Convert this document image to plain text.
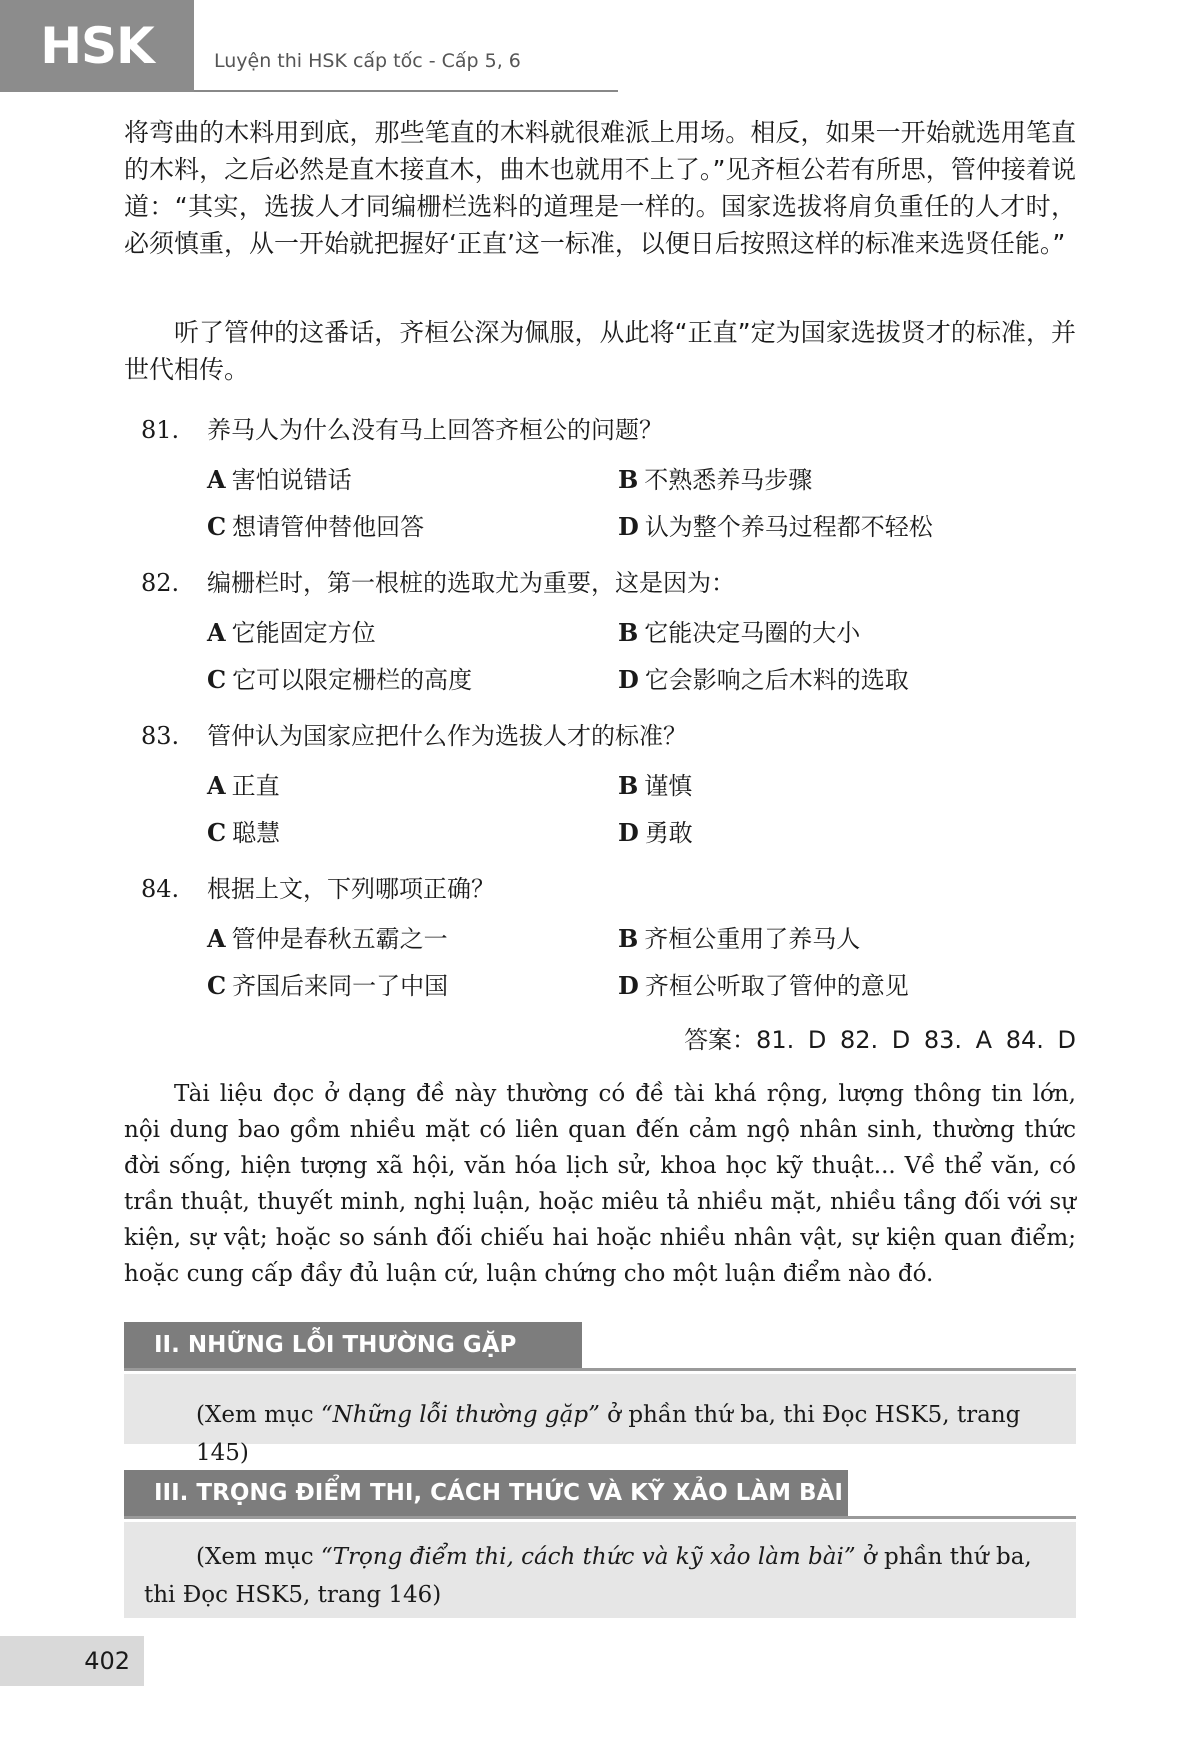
HSK	Luyện thi HSK cấp tốc - Cấp 5, 6

将弯曲的木料用到底，那些笔直的木料就很难派上用场。相反，如果一开始就选用笔直的木料，之后必然是直木接直木，曲木也就用不上了。”见齐桓公若有所思，管仲接着说道：“其实，选拔人才同编栅栏选料的道理是一样的。国家选拔将肩负重任的人才时，必须慎重，从一开始就把握好‘正直’这一标准，以便日后按照这样的标准来选贤任能。”

听了管仲的这番话，齐桓公深为佩服，从此将“正直”定为国家选拔贤才的标准，并世代相传。

81. 养马人为什么没有马上回答齐桓公的问题？
A 害怕说错话	B 不熟悉养马步骤
C 想请管仲替他回答	D 认为整个养马过程都不轻松
82. 编栅栏时，第一根桩的选取尤为重要，这是因为：
A 它能固定方位	B 它能决定马圈的大小
C 它可以限定栅栏的高度	D 它会影响之后木料的选取
83. 管仲认为国家应把什么作为选拔人才的标准？
A 正直	B 谨慎
C 聪慧	D 勇敢
84. 根据上文，下列哪项正确？
A 管仲是春秋五霸之一	B 齐桓公重用了养马人
C 齐国后来同一了中国	D 齐桓公听取了管仲的意见
答案：81. D 82. D 83. A 84. D

Tài liệu đọc ở dạng đề này thường có đề tài khá rộng, lượng thông tin lớn, nội dung bao gồm nhiều mặt có liên quan đến cảm ngộ nhân sinh, thường thức đời sống, hiện tượng xã hội, văn hóa lịch sử, khoa học kỹ thuật... Về thể văn, có trần thuật, thuyết minh, nghị luận, hoặc miêu tả nhiều mặt, nhiều tầng đối với sự kiện, sự vật; hoặc so sánh đối chiếu hai hoặc nhiều nhân vật, sự kiện quan điểm; hoặc cung cấp đầy đủ luận cứ, luận chứng cho một luận điểm nào đó.

II. NHỮNG LỖI THƯỜNG GẶP
(Xem mục “Những lỗi thường gặp” ở phần thứ ba, thi Đọc HSK5, trang 145)
III. TRỌNG ĐIỂM THI, CÁCH THỨC VÀ KỸ XẢO LÀM BÀI
(Xem mục “Trọng điểm thi, cách thức và kỹ xảo làm bài” ở phần thứ ba, thi Đọc HSK5, trang 146)
402
